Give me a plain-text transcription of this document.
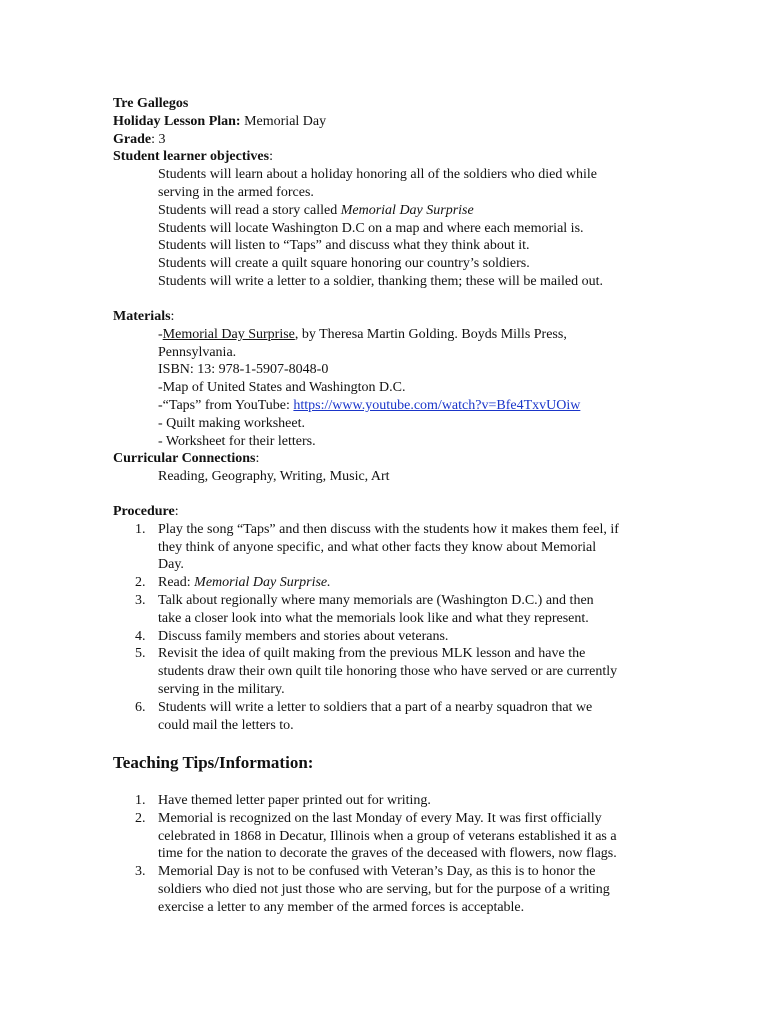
Tre Gallegos
Holiday Lesson Plan: Memorial Day
Grade: 3
Student learner objectives:
Students will learn about a holiday honoring all of the soldiers who died while
serving in the armed forces.
Students will read a story called Memorial Day Surprise
Students will locate Washington D.C on a map and where each memorial is.
Students will listen to “Taps” and discuss what they think about it.
Students will create a quilt square honoring our country’s soldiers.
Students will write a letter to a soldier, thanking them; these will be mailed out.
Materials:
-Memorial Day Surprise, by Theresa Martin Golding. Boyds Mills Press,
Pennsylvania.
ISBN: 13: 978-1-5907-8048-0
-Map of United States and Washington D.C.
-“Taps” from YouTube: https://www.youtube.com/watch?v=Bfe4TxvUOiw
- Quilt making worksheet.
- Worksheet for their letters.
Curricular Connections:
Reading, Geography, Writing, Music, Art
Procedure:
1. Play the song “Taps” and then discuss with the students how it makes them feel, if
they think of anyone specific, and what other facts they know about Memorial
Day.
2. Read: Memorial Day Surprise.
3. Talk about regionally where many memorials are (Washington D.C.) and then
take a closer look into what the memorials look like and what they represent.
4. Discuss family members and stories about veterans.
5. Revisit the idea of quilt making from the previous MLK lesson and have the
students draw their own quilt tile honoring those who have served or are currently
serving in the military.
6. Students will write a letter to soldiers that a part of a nearby squadron that we
could mail the letters to.
Teaching Tips/Information:
1. Have themed letter paper printed out for writing.
2. Memorial is recognized on the last Monday of every May. It was first officially
celebrated in 1868 in Decatur, Illinois when a group of veterans established it as a
time for the nation to decorate the graves of the deceased with flowers, now flags.
3. Memorial Day is not to be confused with Veteran’s Day, as this is to honor the
soldiers who died not just those who are serving, but for the purpose of a writing
exercise a letter to any member of the armed forces is acceptable.
